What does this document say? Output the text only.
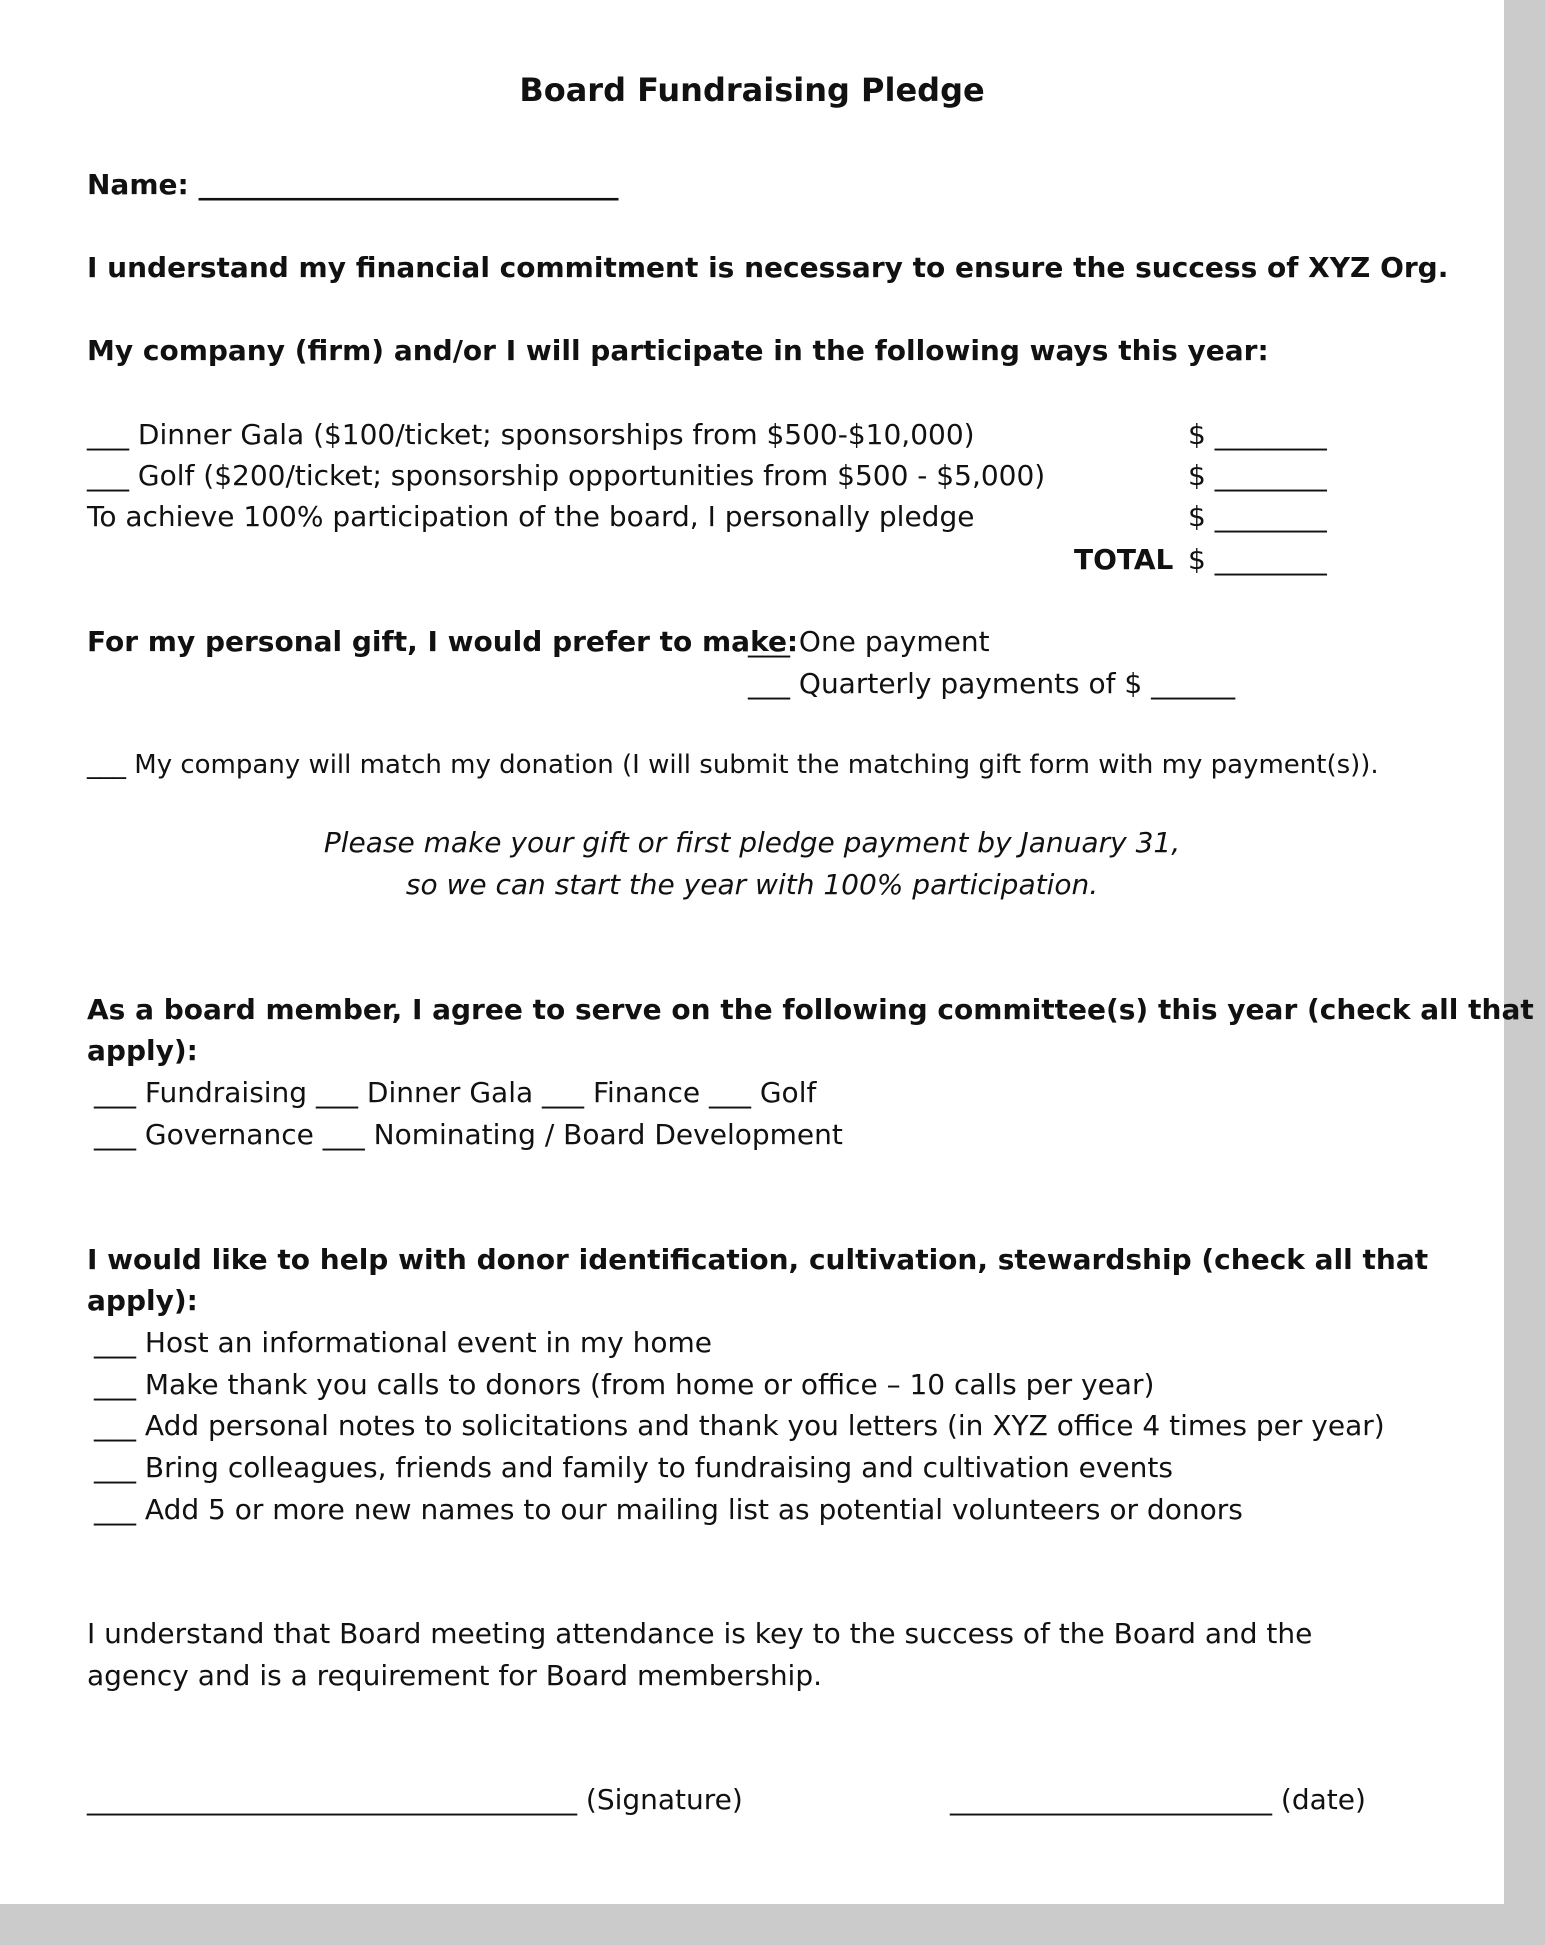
Board Fundraising Pledge
Name: ______________________________
I understand my financial commitment is necessary to ensure the success of XYZ Org.
My company (firm) and/or I will participate in the following ways this year:
___ Dinner Gala ($100/ticket; sponsorships from $500-$10,000)	$ ________
___ Golf ($200/ticket; sponsorship opportunities from $500 - $5,000)	$ ________
To achieve 100% participation of the board, I personally pledge	$ ________
TOTAL $ ________
For my personal gift, I would prefer to make:
___ One payment
___ Quarterly payments of $ ______
___ My company will match my donation (I will submit the matching gift form with my payment(s)).
Please make your gift or first pledge payment by January 31,
so we can start the year with 100% participation.
As a board member, I agree to serve on the following committee(s) this year (check all that
apply):
___ Fundraising ___ Dinner Gala ___ Finance ___ Golf
___ Governance ___ Nominating / Board Development
I would like to help with donor identification, cultivation, stewardship (check all that
apply):
___ Host an informational event in my home
___ Make thank you calls to donors (from home or office – 10 calls per year)
___ Add personal notes to solicitations and thank you letters (in XYZ office 4 times per year)
___ Bring colleagues, friends and family to fundraising and cultivation events
___ Add 5 or more new names to our mailing list as potential volunteers or donors
I understand that Board meeting attendance is key to the success of the Board and the
agency and is a requirement for Board membership.
___________________________________ (Signature)	_______________________ (date)
